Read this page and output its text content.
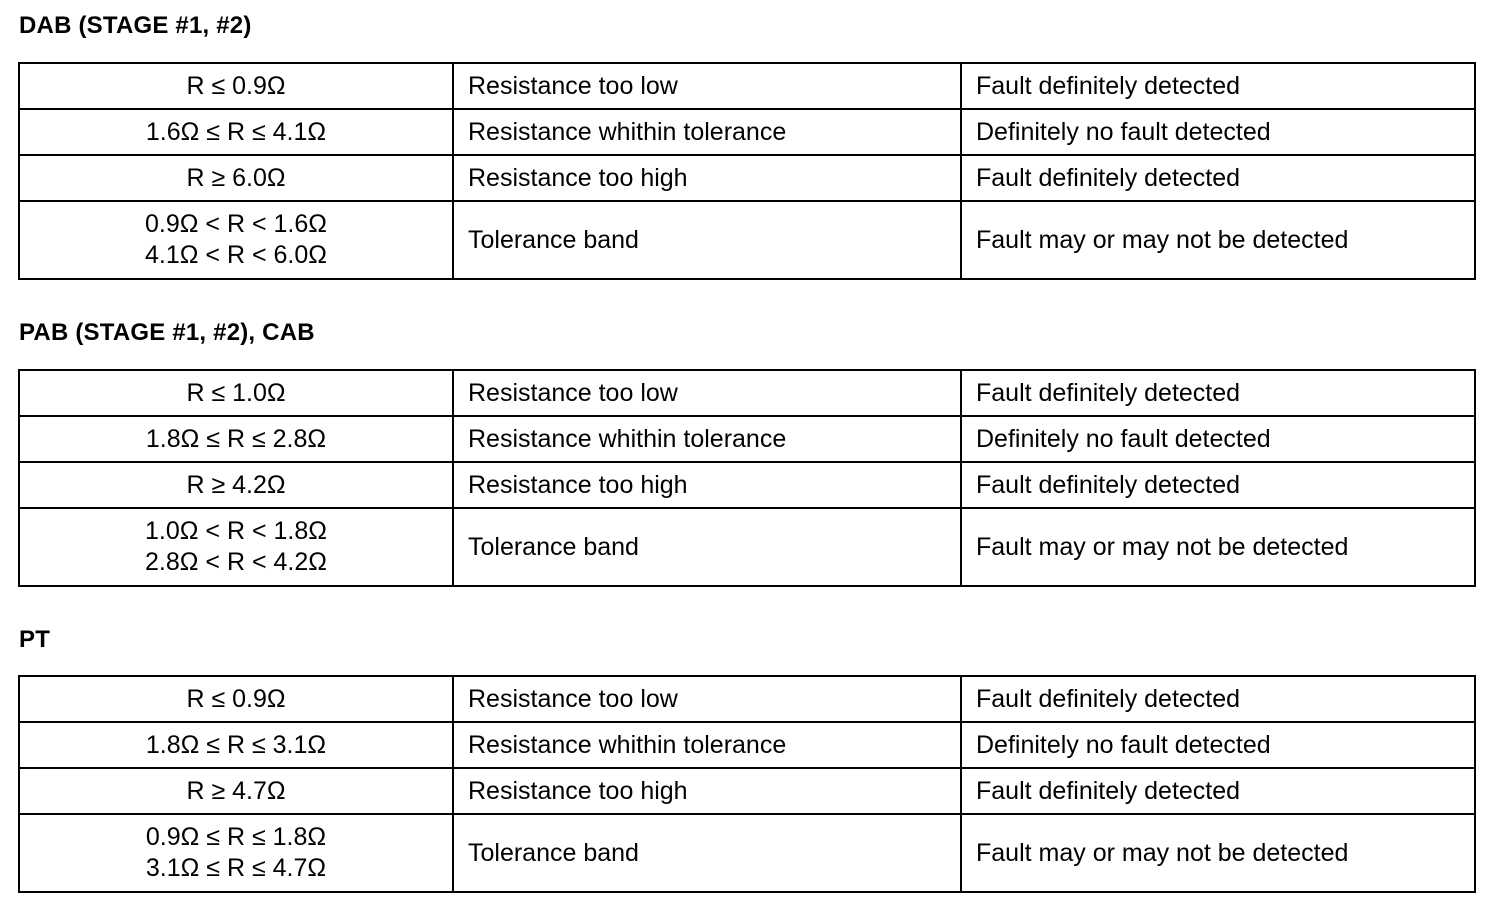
DAB (STAGE #1, #2)
R ≤ 0.9Ω	Resistance too low	Fault definitely detected

1.6Ω ≤ R ≤ 4.1Ω	Resistance whithin tolerance	Definitely no fault detected

R ≥ 6.0Ω	Resistance too high	Fault definitely detected

0.9Ω < R < 1.6Ω
4.1Ω < R < 6.0Ω	Tolerance band	Fault may or may not be detected
PAB (STAGE #1, #2), CAB
R ≤ 1.0Ω	Resistance too low	Fault definitely detected

1.8Ω ≤ R ≤ 2.8Ω	Resistance whithin tolerance	Definitely no fault detected

R ≥ 4.2Ω	Resistance too high	Fault definitely detected

1.0Ω < R < 1.8Ω
2.8Ω < R < 4.2Ω	Tolerance band	Fault may or may not be detected
PT
R ≤ 0.9Ω	Resistance too low	Fault definitely detected

1.8Ω ≤ R ≤ 3.1Ω	Resistance whithin tolerance	Definitely no fault detected

R ≥ 4.7Ω	Resistance too high	Fault definitely detected

0.9Ω ≤ R ≤ 1.8Ω
3.1Ω ≤ R ≤ 4.7Ω	Tolerance band	Fault may or may not be detected
